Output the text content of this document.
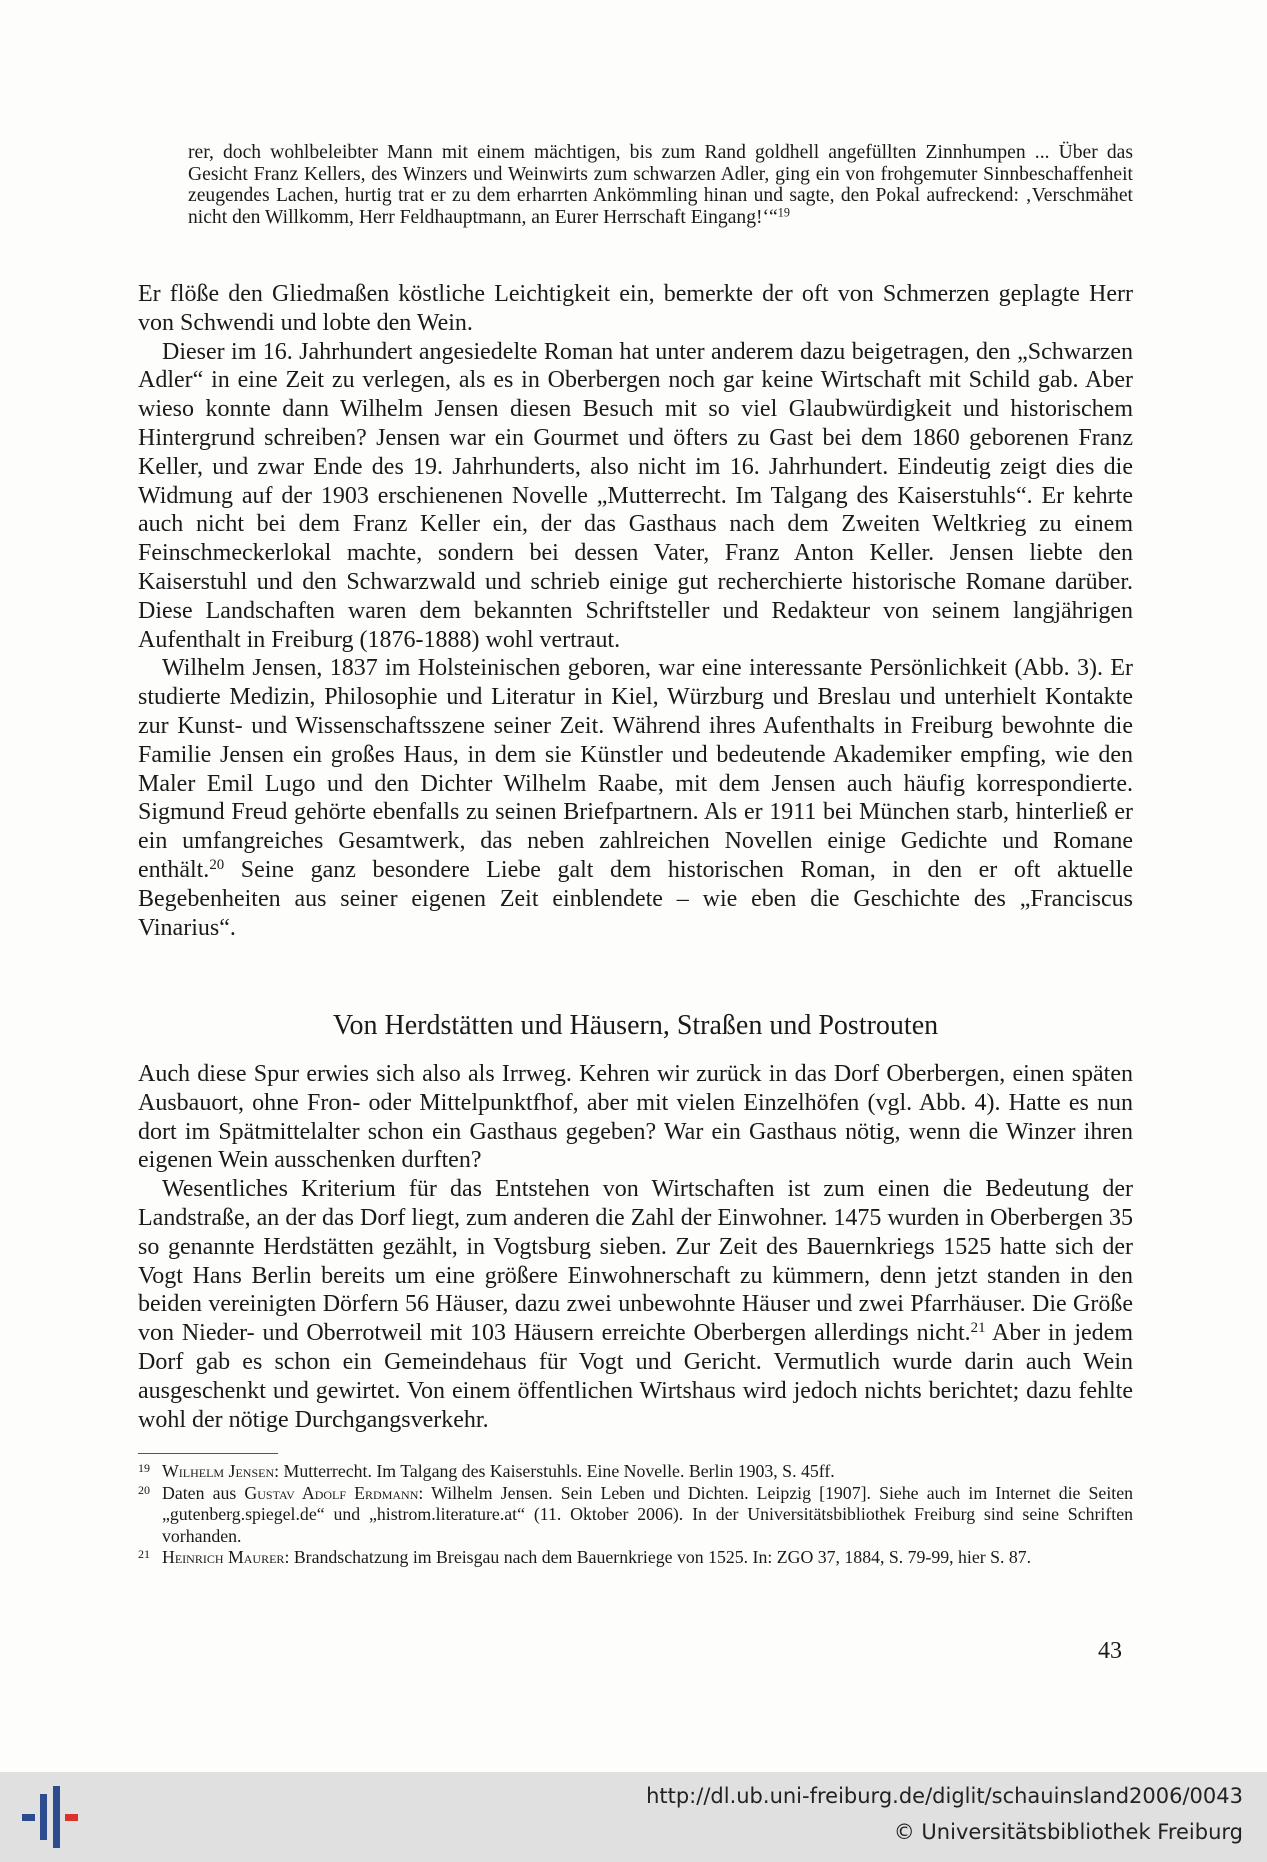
rer, doch wohlbeleibter Mann mit einem mächtigen, bis zum Rand goldhell angefüllten Zinnhumpen ... Über das Gesicht Franz Kellers, des Winzers und Weinwirts zum schwarzen Adler, ging ein von frohgemuter Sinnbeschaffenheit zeugendes Lachen, hurtig trat er zu dem erharrten Ankömmling hinan und sagte, den Pokal aufreckend: ‚Verschmähet nicht den Willkomm, Herr Feldhauptmann, an Eurer Herrschaft Eingang!‘“$^{19}$

Er flöße den Gliedmaßen köstliche Leichtigkeit ein, bemerkte der oft von Schmerzen geplagte Herr von Schwendi und lobte den Wein.

Dieser im 16. Jahrhundert angesiedelte Roman hat unter anderem dazu beigetragen, den „Schwarzen Adler“ in eine Zeit zu verlegen, als es in Oberbergen noch gar keine Wirtschaft mit Schild gab. Aber wieso konnte dann Wilhelm Jensen diesen Besuch mit so viel Glaubwürdigkeit und historischem Hintergrund schreiben? Jensen war ein Gourmet und öfters zu Gast bei dem 1860 geborenen Franz Keller, und zwar Ende des 19. Jahrhunderts, also nicht im 16. Jahrhundert. Eindeutig zeigt dies die Widmung auf der 1903 erschienenen Novelle „Mutterrecht. Im Talgang des Kaiserstuhls“. Er kehrte auch nicht bei dem Franz Keller ein, der das Gasthaus nach dem Zweiten Weltkrieg zu einem Feinschmeckerlokal machte, sondern bei dessen Vater, Franz Anton Keller. Jensen liebte den Kaiserstuhl und den Schwarzwald und schrieb einige gut recherchierte historische Romane darüber. Diese Landschaften waren dem bekannten Schriftsteller und Redakteur von seinem langjährigen Aufenthalt in Freiburg (1876-1888) wohl vertraut.

Wilhelm Jensen, 1837 im Holsteinischen geboren, war eine interessante Persönlichkeit (Abb. 3). Er studierte Medizin, Philosophie und Literatur in Kiel, Würzburg und Breslau und unterhielt Kontakte zur Kunst- und Wissenschaftsszene seiner Zeit. Während ihres Aufenthalts in Freiburg bewohnte die Familie Jensen ein großes Haus, in dem sie Künstler und bedeutende Akademiker empfing, wie den Maler Emil Lugo und den Dichter Wilhelm Raabe, mit dem Jensen auch häufig korrespondierte. Sigmund Freud gehörte ebenfalls zu seinen Briefpartnern. Als er 1911 bei München starb, hinterließ er ein umfangreiches Gesamtwerk, das neben zahlreichen Novellen einige Gedichte und Romane enthält.$^{20}$ Seine ganz besondere Liebe galt dem historischen Roman, in den er oft aktuelle Begebenheiten aus seiner eigenen Zeit einblendete – wie eben die Geschichte des „Franciscus Vinarius“.

Von Herdstätten und Häusern, Straßen und Postrouten

Auch diese Spur erwies sich also als Irrweg. Kehren wir zurück in das Dorf Oberbergen, einen späten Ausbauort, ohne Fron- oder Mittelpunktfhof, aber mit vielen Einzelhöfen (vgl. Abb. 4). Hatte es nun dort im Spätmittelalter schon ein Gasthaus gegeben? War ein Gasthaus nötig, wenn die Winzer ihren eigenen Wein ausschenken durften?

Wesentliches Kriterium für das Entstehen von Wirtschaften ist zum einen die Bedeutung der Landstraße, an der das Dorf liegt, zum anderen die Zahl der Einwohner. 1475 wurden in Oberbergen 35 so genannte Herdstätten gezählt, in Vogtsburg sieben. Zur Zeit des Bauernkriegs 1525 hatte sich der Vogt Hans Berlin bereits um eine größere Einwohnerschaft zu kümmern, denn jetzt standen in den beiden vereinigten Dörfern 56 Häuser, dazu zwei unbewohnte Häuser und zwei Pfarrhäuser. Die Größe von Nieder- und Oberrotweil mit 103 Häusern erreichte Oberbergen allerdings nicht.$^{21}$ Aber in jedem Dorf gab es schon ein Gemeindehaus für Vogt und Gericht. Vermutlich wurde darin auch Wein ausgeschenkt und gewirtet. Von einem öffentlichen Wirtshaus wird jedoch nichts berichtet; dazu fehlte wohl der nötige Durchgangsverkehr.

19 Wilhelm Jensen: Mutterrecht. Im Talgang des Kaiserstuhls. Eine Novelle. Berlin 1903, S. 45ff.

20 Daten aus Gustav Adolf Erdmann: Wilhelm Jensen. Sein Leben und Dichten. Leipzig [1907]. Siehe auch im Internet die Seiten „gutenberg.spiegel.de“ und „histrom.literature.at“ (11. Oktober 2006). In der Universitätsbibliothek Freiburg sind seine Schriften vorhanden.

21 Heinrich Maurer: Brandschatzung im Breisgau nach dem Bauernkriege von 1525. In: ZGO 37, 1884, S. 79-99, hier S. 87.

43
http://dl.ub.uni-freiburg.de/diglit/schauinsland2006/0043
© Universitätsbibliothek Freiburg
